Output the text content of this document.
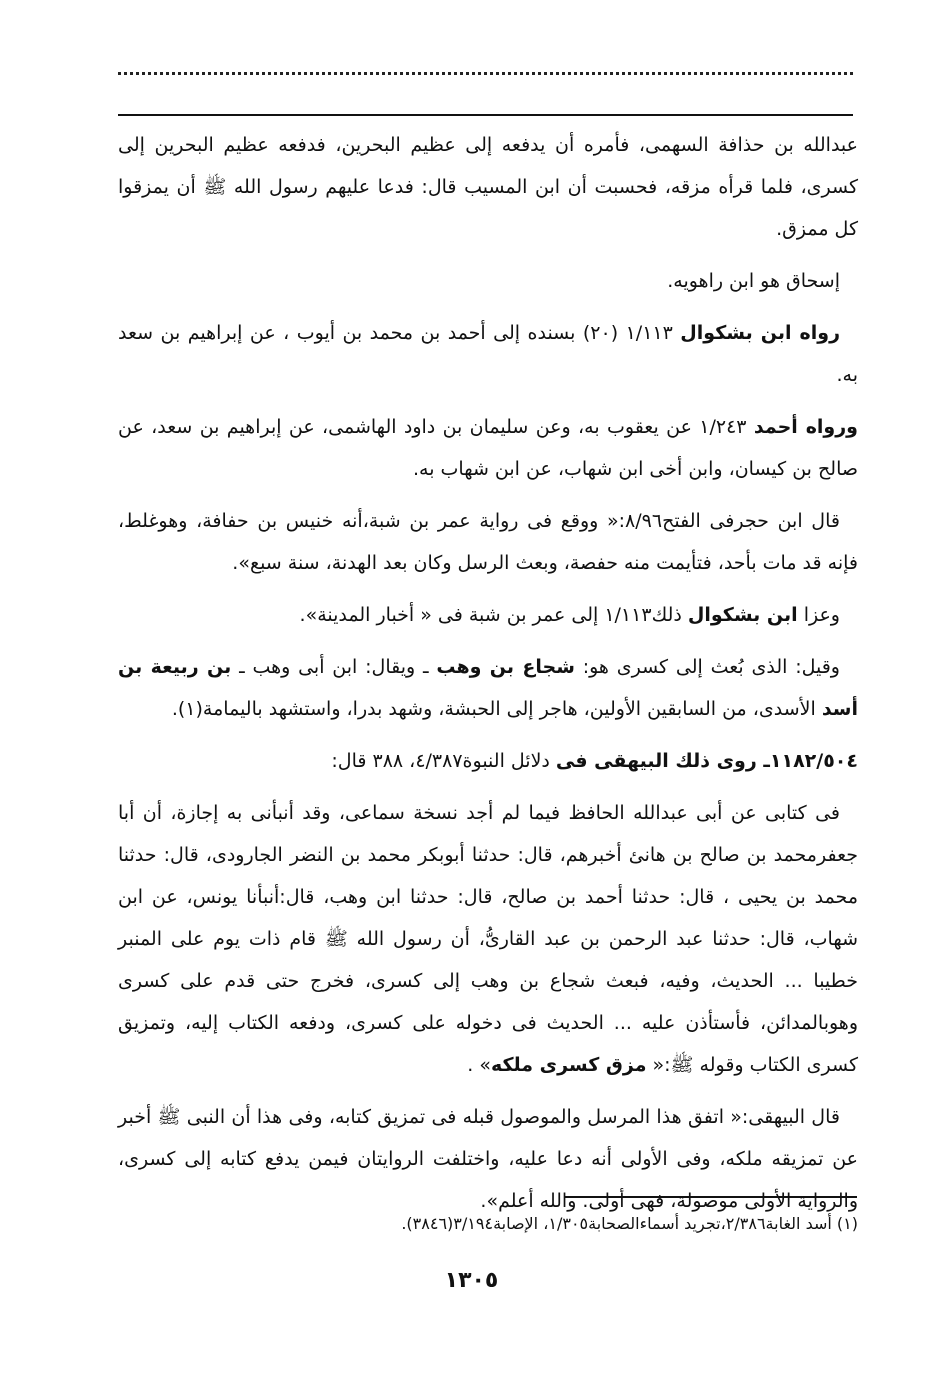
عبدالله بن حذافة السهمى، فأمره أن يدفعه إلى عظيم البحرين، فدفعه عظيم البحرين إلى كسرى، فلما قرأه مزقه، فحسبت أن ابن المسيب قال: فدعا عليهم رسول الله ﷺ أن يمزقوا كل ممزق.

إسحاق هو ابن راهويه.

رواه ابن بشكوال ١/١١٣ (٢٠) بسنده إلى أحمد بن محمد بن أيوب ، عن إبراهيم بن سعد به.

ورواه أحمد ١/٢٤٣ عن يعقوب به، وعن سليمان بن داود الهاشمى، عن إبراهيم بن سعد، عن صالح بن كيسان، وابن أخى ابن شهاب، عن ابن شهاب به.

قال ابن حجرفى الفتح٨/٩٦:« ووقع فى رواية عمر بن شبة،أنه خنيس بن حفافة، وهوغلط، فإنه قد مات بأحد، فتأيمت منه حفصة، وبعث الرسل وكان بعد الهدنة، سنة سبع».

وعزا ابن بشكوال ذلك١/١١٣ إلى عمر بن شبة فى « أخبار المدينة».

وقيل: الذى بُعث إلى كسرى هو: شجاع بن وهب ـ ويقال: ابن أبى وهب ـ بن ربيعة بن أسد الأسدى، من السابقين الأولين، هاجر إلى الحبشة، وشهد بدرا، واستشهد باليمامة(١).

١١٨٢/٥٠٤ـ روى ذلك البيهقى فى دلائل النبوة٤/٣٨٧، ٣٨٨ قال:

فى كتابى عن أبى عبدالله الحافظ فيما لم أجد نسخة سماعى، وقد أنبأنى به إجازة، أن أبا جعفرمحمد بن صالح بن هانئ أخبرهم، قال: حدثنا أبوبكر محمد بن النضر الجارودى، قال: حدثنا محمد بن يحيى ، قال: حدثنا أحمد بن صالح، قال: حدثنا ابن وهب، قال:أنبأنا يونس، عن ابن شهاب، قال: حدثنا عبد الرحمن بن عبد القارىُّ، أن رسول الله ﷺ قام ذات يوم على المنبر خطيبا ... الحديث، وفيه، فبعث شجاع بن وهب إلى كسرى، فخرج حتى قدم على كسرى وهوبالمدائن، فأستأذن عليه ... الحديث فى دخوله على كسرى، ودفعه الكتاب إليه، وتمزيق كسرى الكتاب وقوله ﷺ:« مزق كسرى ملكه» .

قال البيهقى:« اتفق هذا المرسل والموصول قبله فى تمزيق كتابه، وفى هذا أن النبى ﷺ أخبر عن تمزيقه ملكه، وفى الأولى أنه دعا عليه، واختلفت الروايتان فيمن يدفع كتابه إلى كسرى، والرواية الأولى موصولة، فهى أولى. والله أعلم».

(١) أسد الغابة٢/٣٨٦،تجريد أسماءالصحابة١/٣٠٥، الإصابة٣/١٩٤(٣٨٤٦).
١٣٠٥
